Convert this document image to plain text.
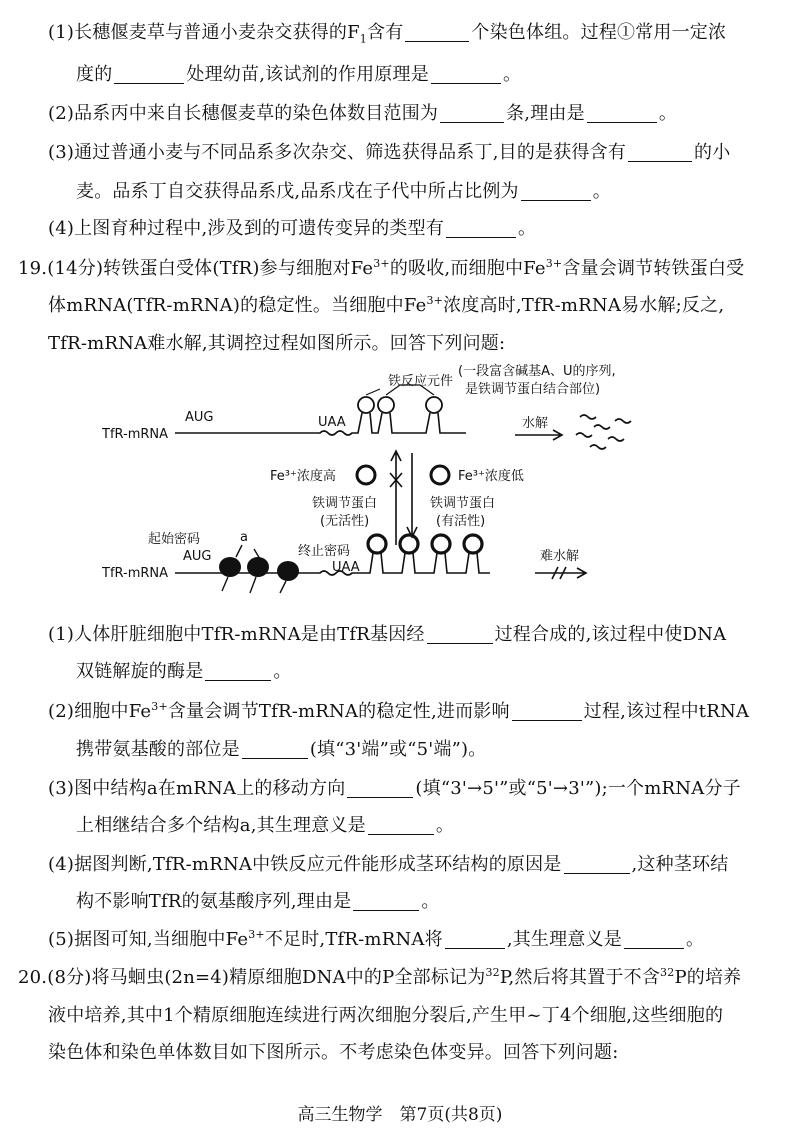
(1)长穗偃麦草与普通小麦杂交获得的$F_1$含有	个染色体组。过程①常用一定浓
度的	处理幼苗,该试剂的作用原理是	。
(2)品系丙中来自长穗偃麦草的染色体数目范围为	条,理由是	。
(3)通过普通小麦与不同品系多次杂交、筛选获得品系丁,目的是获得含有	的小
麦。品系丁自交获得品系戊,品系戊在子代中所占比例为	。
(4)上图育种过程中,涉及到的可遗传变异的类型有	。
19.(14分)转铁蛋白受体(TfR)参与细胞对$Fe^{3+}$的吸收,而细胞中$Fe^{3+}$含量会调节转铁蛋白受
体mRNA(TfR-mRNA)的稳定性。当细胞中$Fe^{3+}$浓度高时,TfR-mRNA易水解;反之,
TfR-mRNA难水解,其调控过程如图所示。回答下列问题:
TfR-mRNA
AUG	UAA
铁反应元件
(一段富含碱基A、U的序列,
是铁调节蛋白结合部位)
水解
Fe³⁺浓度高	Fe³⁺浓度低
铁调节蛋白
(无活性)
铁调节蛋白
(有活性)
起始密码	a
AUG	终止密码
UAA
TfR-mRNA
难水解
(1)人体肝脏细胞中TfR-mRNA是由TfR基因经	过程合成的,该过程中使DNA
双链解旋的酶是	。
(2)细胞中$Fe^{3+}$含量会调节TfR-mRNA的稳定性,进而影响	过程,该过程中tRNA
携带氨基酸的部位是	(填“3'端”或“5'端”)。
(3)图中结构a在mRNA上的移动方向	(填“3'→5'”或“5'→3'”);一个mRNA分子
上相继结合多个结构a,其生理意义是	。
(4)据图判断,TfR-mRNA中铁反应元件能形成茎环结构的原因是	,这种茎环结
构不影响TfR的氨基酸序列,理由是	。
(5)据图可知,当细胞中$Fe^{3+}$不足时,TfR-mRNA将	,其生理意义是	。
20.(8分)将马蛔虫(2n=4)精原细胞DNA中的P全部标记为$^{32}$P,然后将其置于不含$^{32}$P的培养
液中培养,其中1个精原细胞连续进行两次细胞分裂后,产生甲~丁4个细胞,这些细胞的
染色体和染色单体数目如下图所示。不考虑染色体变异。回答下列问题:
高三生物学　第7页(共8页)
